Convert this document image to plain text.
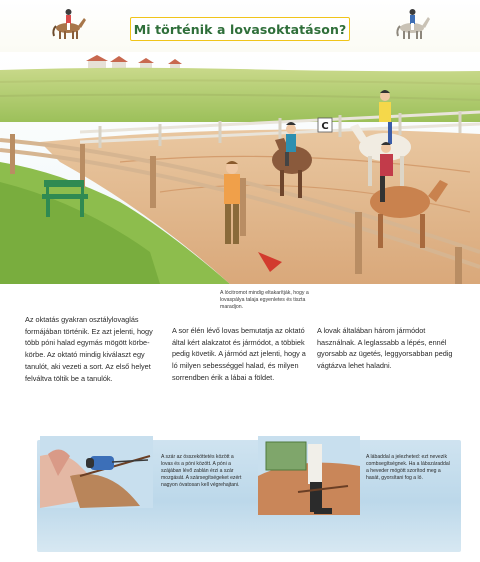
Mi történik a lovasoktatáson?
C
A lócitromot mindig eltakarítják, hogy a lovaspálya talaja egyenletes és tiszta maradjon.

Az oktatás gyakran osztálylovaglás formájában történik. Ez azt jelenti, hogy több póni halad egymás mögött körbe-körbe. Az oktató mindig kiválaszt egy tanulót, aki vezeti a sort. Az első helyet felváltva töltik be a tanulók.

A sor élén lévő lovas bemutatja az oktató által kért alakzatot és jármódot, a többiek pedig követik. A jármód azt jelenti, hogy a ló milyen sebességgel halad, és milyen sorrendben érik a lábai a földet.

A lovak általában három jármódot használnak. A leglassabb a lépés, ennél gyorsabb az ügetés, leggyorsabban pedig vágtázva lehet haladni.

A szár az összeköttetés között a lovas és a póni között. A póni a szájában lévő zablán érzi a szár mozgását. A szársegítségeket ezért nagyon óvatosan kell végrehajtani.
A lábaddal a jelezheted: ezt nevezik combsegítségnek. Ha a lábszáraddal a heveder mögött szorítod meg a hasát, gyorsítani fog a ló.
